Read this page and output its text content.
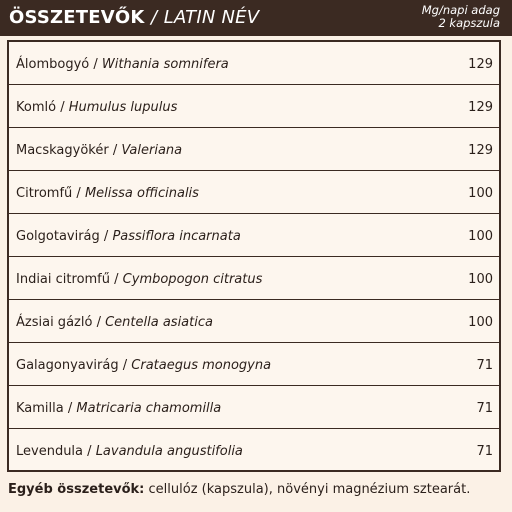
ÖSSZETEVŐK / LATIN NÉV	Mg/napi adag
2 kapszula
Álombogyó / Withania somnifera	129
Komló / Humulus lupulus	129
Macskagyökér / Valeriana	129
Citromfű / Melissa officinalis	100
Golgotavirág / Passiflora incarnata	100
Indiai citromfű / Cymbopogon citratus	100
Ázsiai gázló / Centella asiatica	100
Galagonyavirág / Crataegus monogyna	71
Kamilla / Matricaria chamomilla	71
Levendula / Lavandula angustifolia	71
Egyéb összetevők: cellulóz (kapszula), növényi magnézium sztearát.
